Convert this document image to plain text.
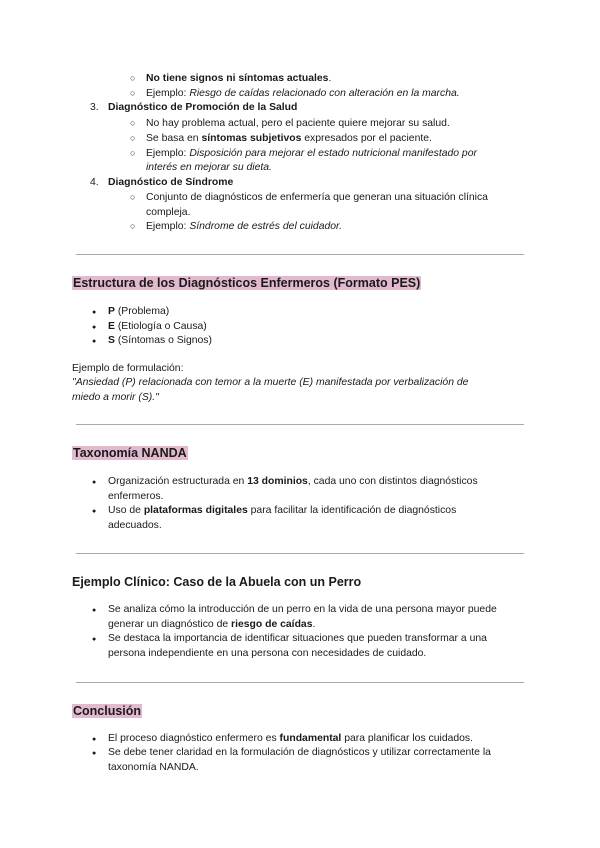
○ No tiene signos ni síntomas actuales.
○ Ejemplo: Riesgo de caídas relacionado con alteración en la marcha.
3. Diagnóstico de Promoción de la Salud
○ No hay problema actual, pero el paciente quiere mejorar su salud.
○ Se basa en síntomas subjetivos expresados por el paciente.
○ Ejemplo: Disposición para mejorar el estado nutricional manifestado por
interés en mejorar su dieta.
4. Diagnóstico de Síndrome
○ Conjunto de diagnósticos de enfermería que generan una situación clínica
compleja.
○ Ejemplo: Síndrome de estrés del cuidador.
Estructura de los Diagnósticos Enfermeros (Formato PES)
● P (Problema)
● E (Etiología o Causa)
● S (Síntomas o Signos)
Ejemplo de formulación:
"Ansiedad (P) relacionada con temor a la muerte (E) manifestada por verbalización de
miedo a morir (S)."
Taxonomía NANDA
● Organización estructurada en 13 dominios, cada uno con distintos diagnósticos
enfermeros.
● Uso de plataformas digitales para facilitar la identificación de diagnósticos
adecuados.
Ejemplo Clínico: Caso de la Abuela con un Perro
● Se analiza cómo la introducción de un perro en la vida de una persona mayor puede
generar un diagnóstico de riesgo de caídas.
● Se destaca la importancia de identificar situaciones que pueden transformar a una
persona independiente en una persona con necesidades de cuidado.
Conclusión
● El proceso diagnóstico enfermero es fundamental para planificar los cuidados.
● Se debe tener claridad en la formulación de diagnósticos y utilizar correctamente la
taxonomía NANDA.
